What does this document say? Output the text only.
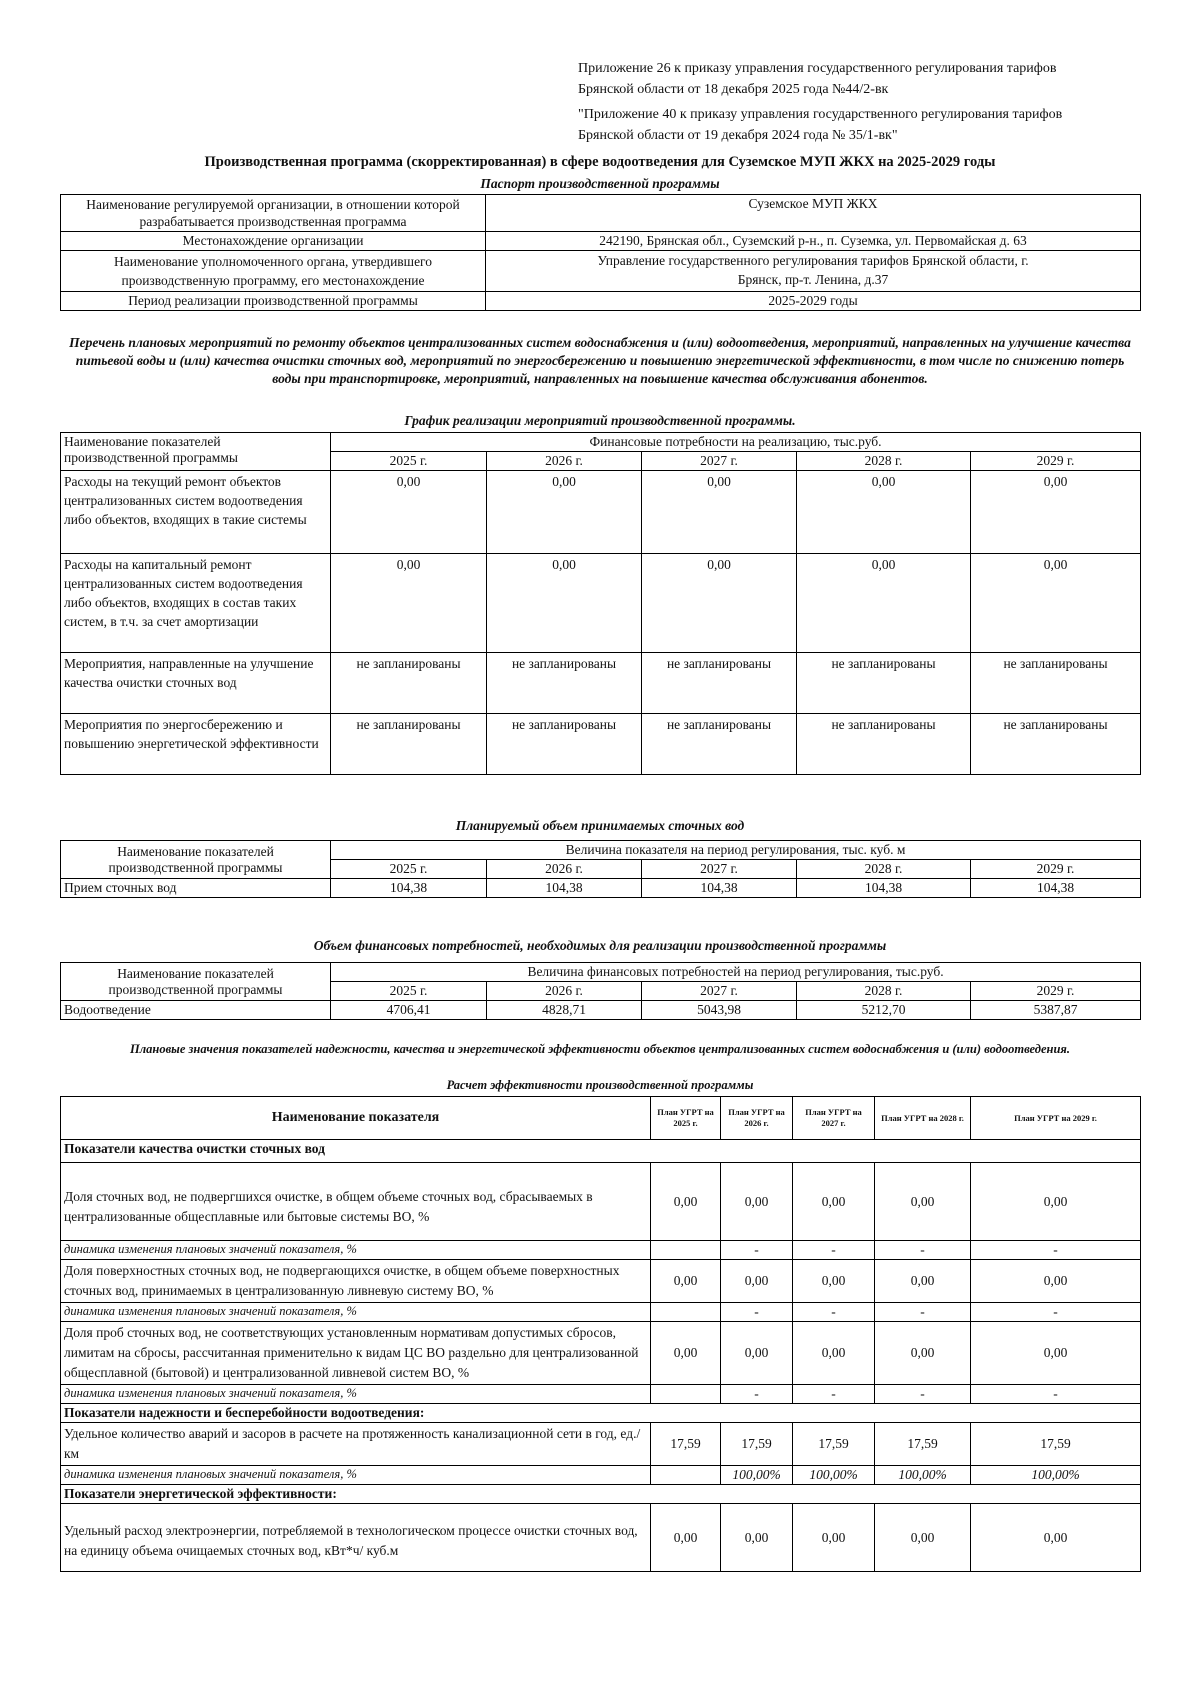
Приложение 26 к приказу управления государственного регулирования тарифов
Брянской области от 18 декабря 2025 года №44/2-вк
"Приложение 40 к приказу управления государственного регулирования тарифов
Брянской области от 19 декабря 2024 года № 35/1-вк"
Производственная программа (скорректированная) в сфере водоотведения для Суземское МУП ЖКХ на 2025-2029 годы
Паспорт производственной программы
Наименование регулируемой организации, в отношении которой разрабатывается производственная программа	Суземское МУП ЖКХ
Местонахождение организации	242190, Брянская обл., Суземский р-н., п. Суземка, ул. Первомайская д. 63
Наименование уполномоченного органа, утвердившего производственную программу, его местонахождение	Управление государственного регулирования тарифов Брянской области, г. Брянск, пр-т. Ленина, д.37
Период реализации производственной программы	2025-2029 годы
Перечень плановых мероприятий по ремонту объектов централизованных систем водоснабжения и (или) водоотведения, мероприятий, направленных на улучшение качества питьевой воды и (или) качества очистки сточных вод, мероприятий по энергосбережению и повышению энергетической эффективности, в том числе по снижению потерь воды при транспортировке, мероприятий, направленных на повышение качества обслуживания абонентов.
График реализации мероприятий производственной программы.
Наименование показателей производственной программы	Финансовые потребности на реализацию, тыс.руб.				
	2025 г.	2026 г.	2027 г.	2028 г.	2029 г.
Расходы на текущий ремонт объектов централизованных систем водоотведения либо объектов, входящих в такие системы	0,00	0,00	0,00	0,00	0,00
Расходы на капитальный ремонт централизованных систем водоотведения либо объектов, входящих в состав таких систем, в т.ч. за счет амортизации	0,00	0,00	0,00	0,00	0,00
Мероприятия, направленные на улучшение качества очистки сточных вод	не запланированы	не запланированы	не запланированы	не запланированы	не запланированы
Мероприятия по энергосбережению и повышению энергетической эффективности	не запланированы	не запланированы	не запланированы	не запланированы	не запланированы
Планируемый объем принимаемых сточных вод
Наименование показателей производственной программы	Величина показателя на период регулирования, тыс. куб. м				
	2025 г.	2026 г.	2027 г.	2028 г.	2029 г.
Прием сточных вод	104,38	104,38	104,38	104,38	104,38
Объем финансовых потребностей, необходимых для реализации производственной программы
Наименование показателей производственной программы	Величина финансовых потребностей на период регулирования, тыс.руб.				
	2025 г.	2026 г.	2027 г.	2028 г.	2029 г.
Водоотведение	4706,41	4828,71	5043,98	5212,70	5387,87
Плановые значения показателей надежности, качества и энергетической эффективности объектов централизованных систем водоснабжения и (или) водоотведения.
Расчет эффективности производственной программы
Наименование показателя	План УГРТ на 2025 г.	План УГРТ на 2026 г.	План УГРТ на 2027 г.	План УГРТ на 2028 г.	План УГРТ на 2029 г.
Показатели качества очистки сточных вод					
Доля сточных вод, не подвергшихся очистке, в общем объеме сточных вод, сбрасываемых в централизованные общесплавные или бытовые системы ВО, %	0,00	0,00	0,00	0,00	0,00
динамика изменения плановых значений показателя, %		-	-	-	-
Доля поверхностных сточных вод, не подвергающихся очистке, в общем объеме поверхностных сточных вод, принимаемых в централизованную ливневую систему ВО, %	0,00	0,00	0,00	0,00	0,00
динамика изменения плановых значений показателя, %		-	-	-	-
Доля проб сточных вод, не соответствующих установленным нормативам допустимых сбросов, лимитам на сбросы, рассчитанная применительно к видам ЦС ВО раздельно для централизованной общесплавной (бытовой) и централизованной ливневой систем ВО, %	0,00	0,00	0,00	0,00	0,00
динамика изменения плановых значений показателя, %		-	-	-	-
Показатели надежности и бесперебойности водоотведения:					
Удельное количество аварий и засоров в расчете на протяженность канализационной сети в год, ед./км	17,59	17,59	17,59	17,59	17,59
динамика изменения плановых значений показателя, %		100,00%	100,00%	100,00%	100,00%
Показатели энергетической эффективности:					
Удельный расход электроэнергии, потребляемой в технологическом процессе очистки сточных вод, на единицу объема очищаемых сточных вод, кВт*ч/ куб.м	0,00	0,00	0,00	0,00	0,00
